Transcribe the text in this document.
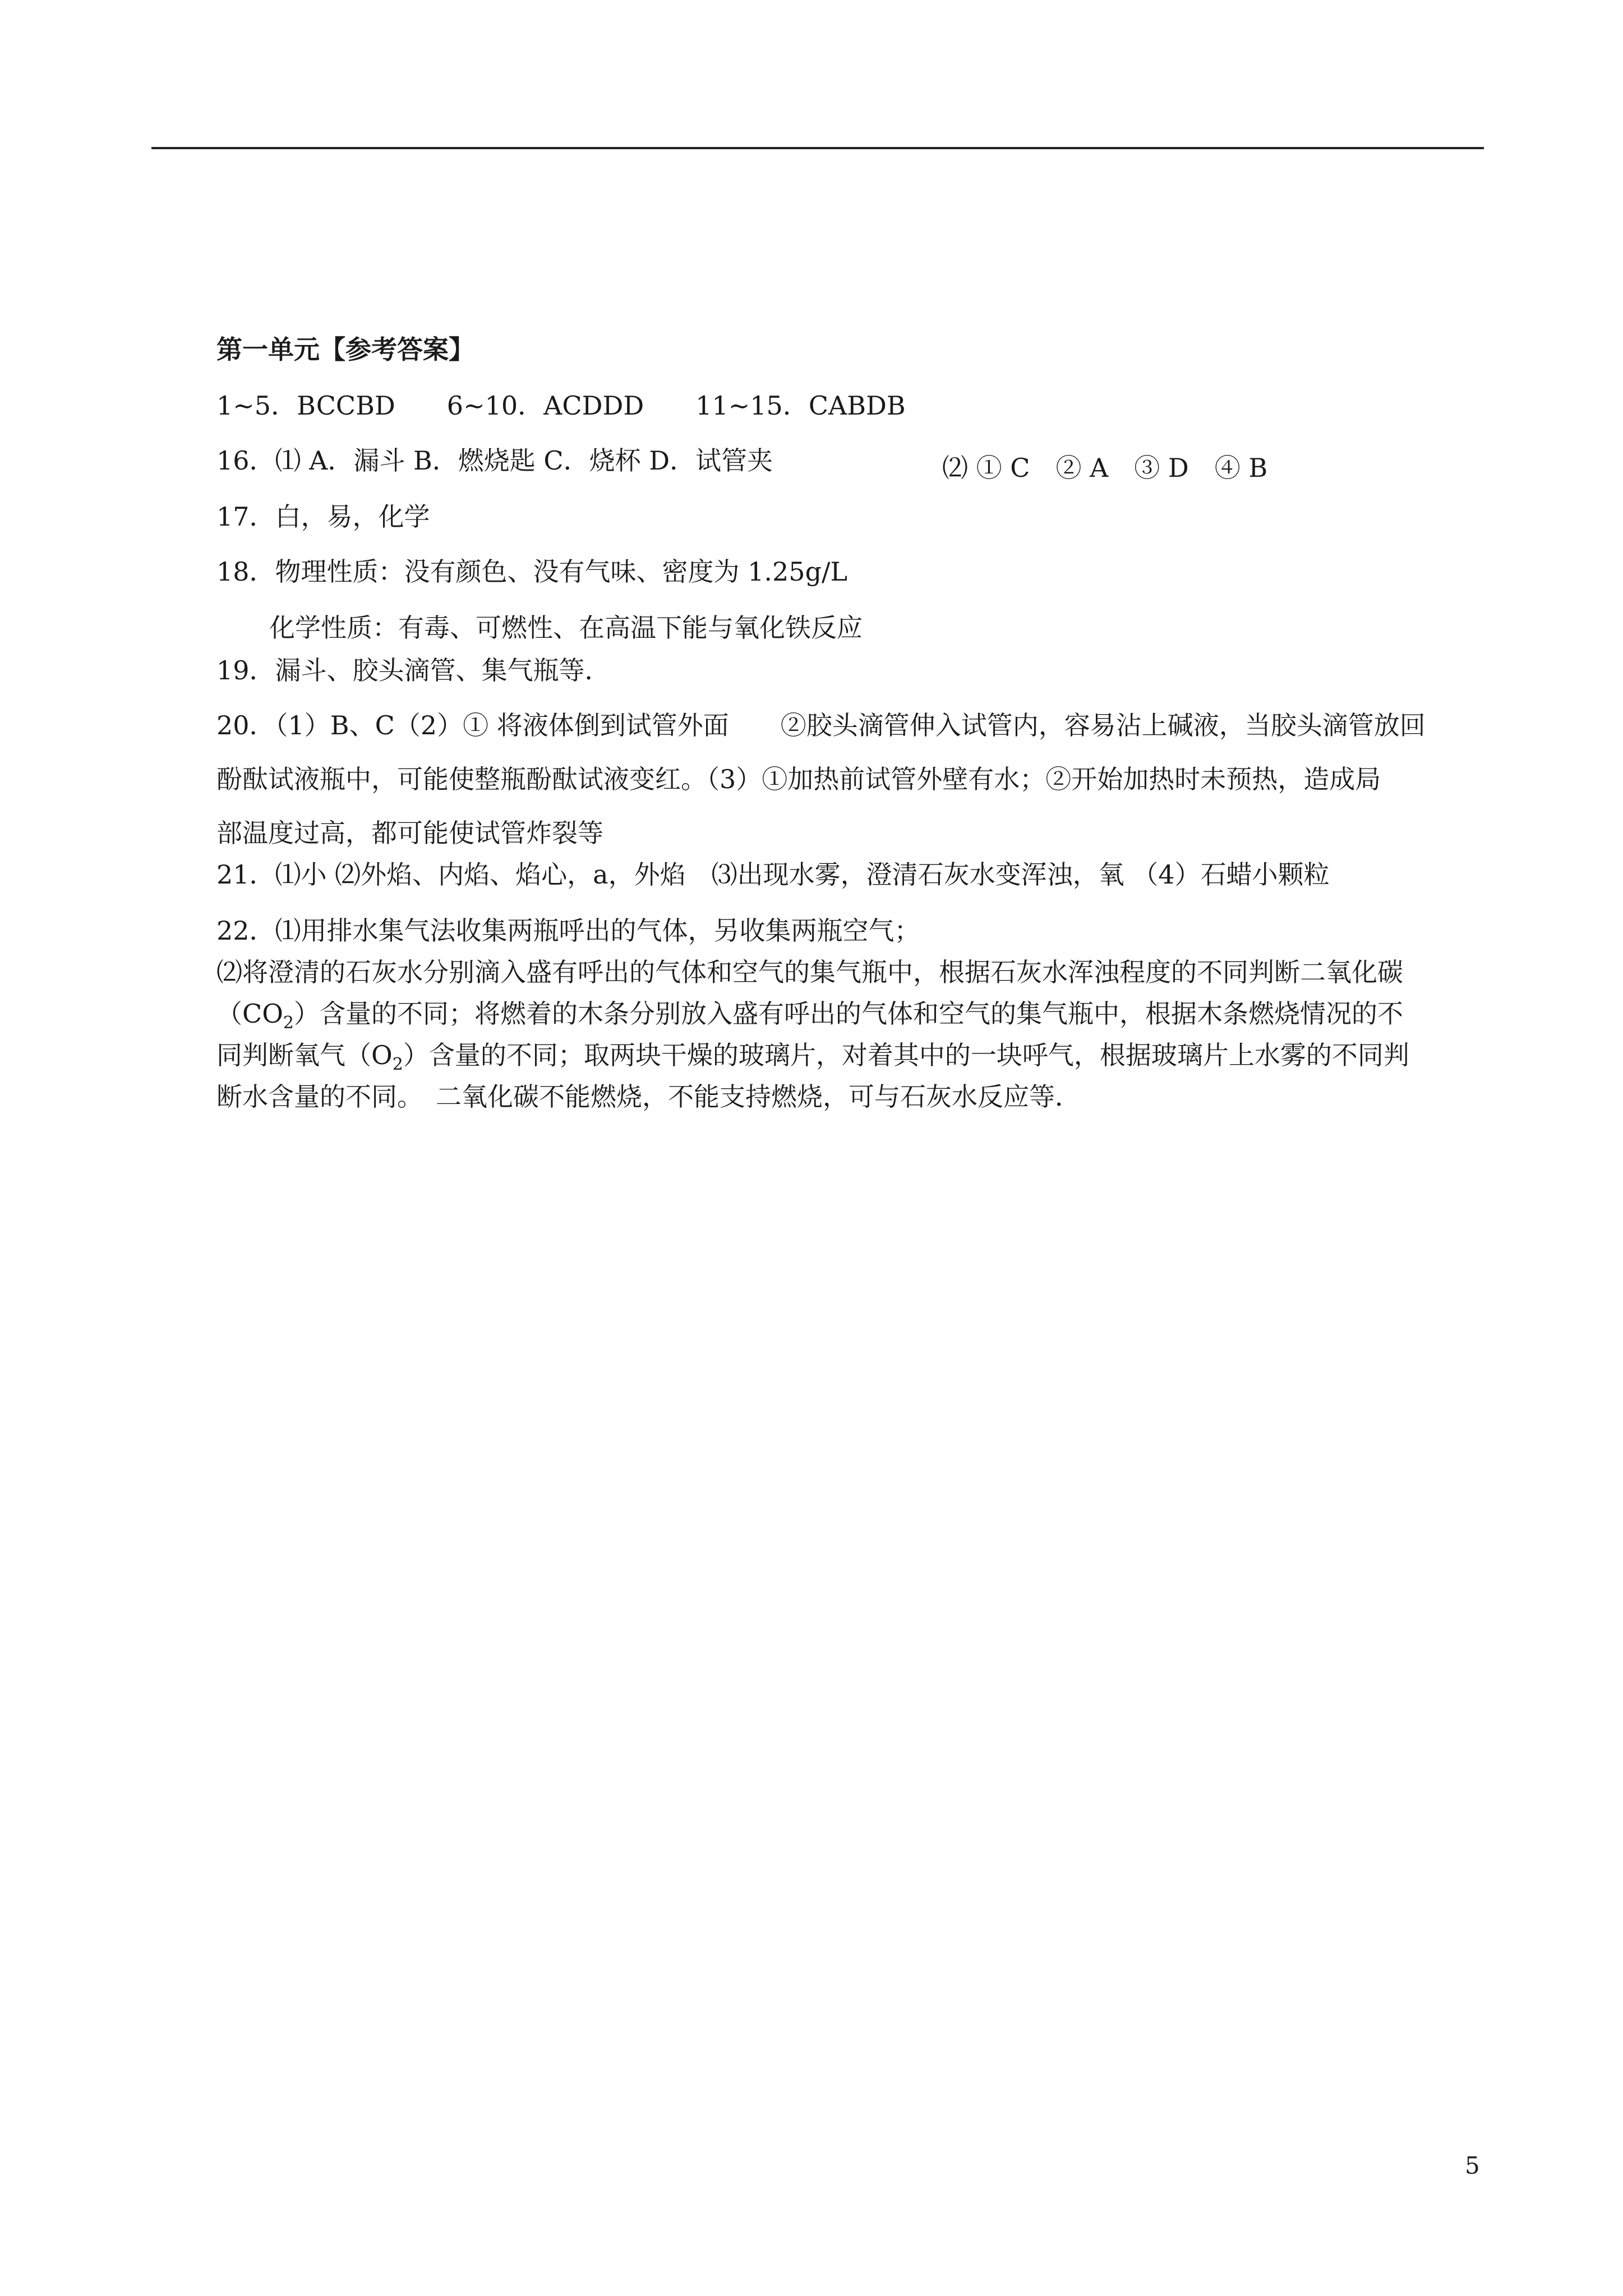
第一单元【参考答案】
1~5．BCCBD　　6~10．ACDDD　　11~15．CABDB
16．⑴ A．漏斗 B．燃烧匙 C．烧杯 D．试管夹	⑵ ① C　② A　③ D　④ B
17．白，易，化学
18．物理性质：没有颜色、没有气味、密度为 1.25g/L
化学性质：有毒、可燃性、在高温下能与氧化铁反应
19．漏斗、胶头滴管、集气瓶等．
20．（1）B、C（2）① 将液体倒到试管外面　　②胶头滴管伸入试管内，容易沾上碱液，当胶头滴管放回
酚酞试液瓶中，可能使整瓶酚酞试液变红。（3）①加热前试管外壁有水；②开始加热时未预热，造成局
部温度过高，都可能使试管炸裂等
21．⑴小 ⑵外焰、内焰、焰心，a，外焰　⑶出现水雾，澄清石灰水变浑浊，氧 （4）石蜡小颗粒
22．⑴用排水集气法收集两瓶呼出的气体，另收集两瓶空气；
⑵将澄清的石灰水分别滴入盛有呼出的气体和空气的集气瓶中，根据石灰水浑浊程度的不同判断二氧化碳
$(CO_2)$含量的不同；将燃着的木条分别放入盛有呼出的气体和空气的集气瓶中，根据木条燃烧情况的不
同判断氧气$(O_2)$含量的不同；取两块干燥的玻璃片，对着其中的一块呼气，根据玻璃片上水雾的不同判
断水含量的不同。　二氧化碳不能燃烧，不能支持燃烧，可与石灰水反应等．
5
